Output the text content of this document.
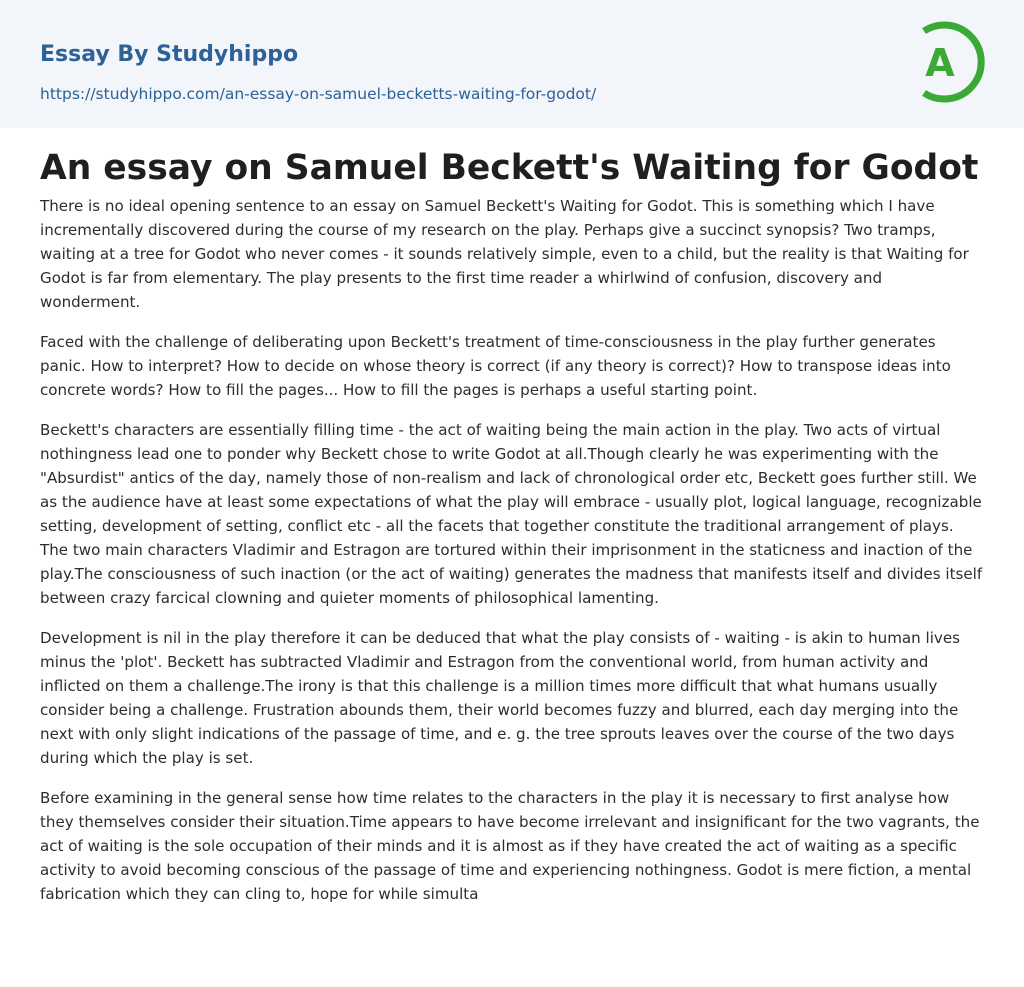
Essay By Studyhippo
https://studyhippo.com/an-essay-on-samuel-becketts-waiting-for-godot/
A
An essay on Samuel Beckett's Waiting for Godot

There is no ideal opening sentence to an essay on Samuel Beckett's Waiting for Godot. This is something which I have incrementally discovered during the course of my research on the play. Perhaps give a succinct synopsis? Two tramps, waiting at a tree for Godot who never comes - it sounds relatively simple, even to a child, but the reality is that Waiting for Godot is far from elementary. The play presents to the first time reader a whirlwind of confusion, discovery and wonderment.

Faced with the challenge of deliberating upon Beckett's treatment of time-consciousness in the play further generates panic. How to interpret? How to decide on whose theory is correct (if any theory is correct)? How to transpose ideas into concrete words? How to fill the pages... How to fill the pages is perhaps a useful starting point.

Beckett's characters are essentially filling time - the act of waiting being the main action in the play. Two acts of virtual nothingness lead one to ponder why Beckett chose to write Godot at all.Though clearly he was experimenting with the "Absurdist" antics of the day, namely those of non-realism and lack of chronological order etc, Beckett goes further still. We as the audience have at least some expectations of what the play will embrace - usually plot, logical language, recognizable setting, development of setting, conflict etc - all the facets that together constitute the traditional arrangement of plays. The two main characters Vladimir and Estragon are tortured within their imprisonment in the staticness and inaction of the play.The consciousness of such inaction (or the act of waiting) generates the madness that manifests itself and divides itself between crazy farcical clowning and quieter moments of philosophical lamenting.

Development is nil in the play therefore it can be deduced that what the play consists of - waiting - is akin to human lives minus the 'plot'. Beckett has subtracted Vladimir and Estragon from the conventional world, from human activity and inflicted on them a challenge.The irony is that this challenge is a million times more difficult that what humans usually consider being a challenge. Frustration abounds them, their world becomes fuzzy and blurred, each day merging into the next with only slight indications of the passage of time, and e. g. the tree sprouts leaves over the course of the two days during which the play is set.

Before examining in the general sense how time relates to the characters in the play it is necessary to first analyse how they themselves consider their situation.Time appears to have become irrelevant and insignificant for the two vagrants, the act of waiting is the sole occupation of their minds and it is almost as if they have created the act of waiting as a specific activity to avoid becoming conscious of the passage of time and experiencing nothingness. Godot is mere fiction, a mental fabrication which they can cling to, hope for while simulta
